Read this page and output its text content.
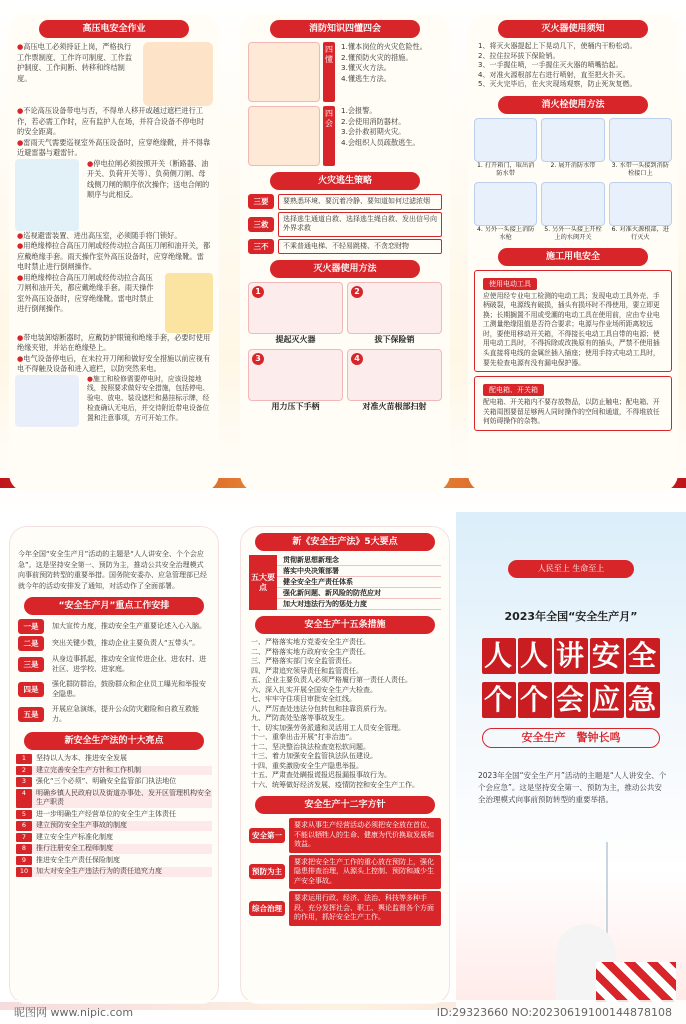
高压电安全作业
●高压电工必须持证上岗，严格执行工作票制度、工作许可制度、工作监护制度、工作间断、转移和终结制度。
●不论高压设备带电与否，不得单人移开或越过遮栏进行工作，若必需工作时，应有监护人在场，并符合设备不停电时的安全距离。
●雷雨天气需要巡视室外高压设备时，应穿绝缘靴，并不得靠近避雷器与避雷针。
●停电拉闸必须按照开关（断路器、油开关、负荷开关等）、负荷侧刀闸、母线侧刀闸的顺序依次操作；送电合闸的顺序与此相反。
●巡视避雷装置、进出高压室，必须随手将门锁好。
●用绝缘棒拉合高压刀闸或经传动拉合高压刀闸和油开关，都应戴绝缘手套。雨天操作室外高压设备时，应穿绝缘靴。雷电时禁止进行倒闸操作。
●用绝缘棒拉合高压刀闸或经传动拉合高压刀闸和油开关，都应戴绝缘手套。雨天操作室外高压设备时，应穿绝缘靴。雷电时禁止进行倒闸操作。
●带电装卸熔断器时，应戴防护眼镜和绝缘手套，必要时使用绝缘夹钳，并站在绝缘垫上。
●电气设备停电后，在未拉开刀闸和做好安全措施以前应视有电不得触及设备和进入遮栏，以防突然来电。
●施工和检修需要停电时，应该设接地线，按照要求做好安全措施，包括停电、验电、放电、装设遮栏和悬挂标示牌，经检查确认无电后，并交待附近带电设备位置和注意事项，方可开始工作。
消防知识四懂四会
四懂
1.懂本岗位的火灾危险性。
2.懂预防火灾的措施。
3.懂灭火方法。
4.懂逃生方法。
四会
1.会报警。
2.会使用消防器材。
3.会扑救初期火灾。
4.会组织人员疏散逃生。
火灾逃生策略
三要	要熟悉环境、要沉着冷静、要知道如何过滤浓烟
三救
选择逃生通道自救、选择逃生绳自救、发出信号向外界求救
三不	不乘普通电梯、不轻易跳楼、不贪恋财物
灭火器使用方法
1
提起灭火器
2
拔下保险销
3
用力压下手柄
4
对准火苗根部扫射
灭火器使用须知
1、将灭火器提起上下晃动几下，使桶内干粉松动。
2、拉住拉环拔下保险销。
3、一手握住喷，一手握住灭火器的喷嘴拾起。
4、对准火源根部左右进行喷射，直至把火扑灭。
5、灭火完毕后，在火灾现场观察，防止死灰复燃。
消火栓使用方法
1. 打开箱门，取出消防水带
2. 展开消防水带	3. 水带一头接到消防栓接口上
4. 另外一头接上消防水枪
5. 另外一头接上开栓上的水阀开关
6. 对准火源根部，进行灭火
施工用电安全
使用电动工具
应使用经专业电工检测的电动工具；发现电动工具外壳、手柄破裂，电源线有破损，插头有损坏时不得使用，要立即更换；长期搁置不用或受潮的电动工具在使用前，应由专业电工测量绝缘阻值是否符合要求；电源与作业场所距离较远时，要使用移动开关箱，不得接长电动工具自带的电源；使用电动工具时，不得拆除或改换原有的插头，严禁不使用插头直接将电线的金属丝插入插座；使用手持式电动工具时，要先检查电源有没有漏电保护器。
配电箱、开关箱
配电箱、开关箱内不要存放物品，以防止触电；配电箱、开关箱周围要留足够两人同时操作的空间和通道，不得堆放任何妨碍操作的杂物。
今年全国“安全生产月”活动的主题是“人人讲安全、个个会应急”。这是坚持安全第一、预防为主，推动公共安全治理模式向事前预防转型的重要举措。国务院安委办、应急管理部已经就今年的活动安排发了通知，对活动作了全面部署。
“安全生产月”重点工作安排
一是	加大宣传力度，推动安全生产重要论述入心入脑。
二是	突出关键少数，推动企业主要负责人“五带头”。
三是
从身边事抓起，推动安全宣传进企业、进农村、进社区、进学校、进家庭。
四是
强化群防群治，鼓励群众和企业员工曝光和举报安全隐患。
五是
开展应急演练，提升公众防灾避险和自救互救能力。
新安全生产法的十大亮点
1	坚持以人为本、推进安全发展
2	建立完善安全生产方针和工作机制
3	强化“三个必须”、明确安全监管部门执法地位
4	明确乡镇人民政府以及街道办事处、发开区管理机构安全生产职责
5	进一步明确生产经营单位的安全生产主体责任
6	建立预防安全生产事故的制度
7	建立安全生产标准化制度
8	推行注册安全工程师制度
9	推进安全生产责任保险制度
10	加大对安全生产违法行为的责任追究力度
新《安全生产法》5大要点
五大要点
贯彻新思想新理念
落实中央决策部署
健全安全生产责任体系
强化新问题、新风险的防范应对
加大对违法行为的惩处力度
安全生产十五条措施
一、严格落实地方党委安全生产责任。
二、严格落实地方政府安全生产责任。
三、严格落实部门安全监管责任。
四、严肃追究领导责任和监管责任。
五、企业主要负责人必须严格履行第一责任人责任。
六、深入扎实开展全国安全生产大检查。
七、牢牢守住项目审批安全红线。
八、严厉查处违法分包转包和挂靠资质行为。
九、严防高处坠落等事故发生。
十、切实加强劳务派遣和灵活用工人员安全管理。
十一、重拳出击开展“打非治违”。
十二、坚决整治执法检查宽松软问题。
十三、着力加强安全监管执法队伍建设。
十四、重奖激励安全生产隐患举报。
十五、严肃查处瞒报谎报迟报漏报事故行为。
十六、统筹做好经济发展、疫情防控和安全生产工作。
安全生产十二字方针
安全第一
要求从事生产经营活动必须把安全放在首位，不能以牺牲人的生命、健康为代价换取发展和效益。
预防为主
要求把安全生产工作的重心放在预防上，强化隐患排查治理，从源头上控制、预防和减少生产安全事故。
综合治理
要求运用行政、经济、法治、科技等多种手段，充分发挥社会、职工、舆论监督各个方面的作用，抓好安全生产工作。
人民至上 生命至上
2023年全国“安全生产月”
人 人 讲 安 全
个 个 会 应 急
安全生产　警钟长鸣
2023年全国“安全生产月”活动的主题是“人人讲安全、个个会应急”。这是坚持安全第一、预防为主，推动公共安全治理模式向事前预防转型的重要举措。
昵图网 www.nipic.com	ID:29323660 NO:20230619100144878108
